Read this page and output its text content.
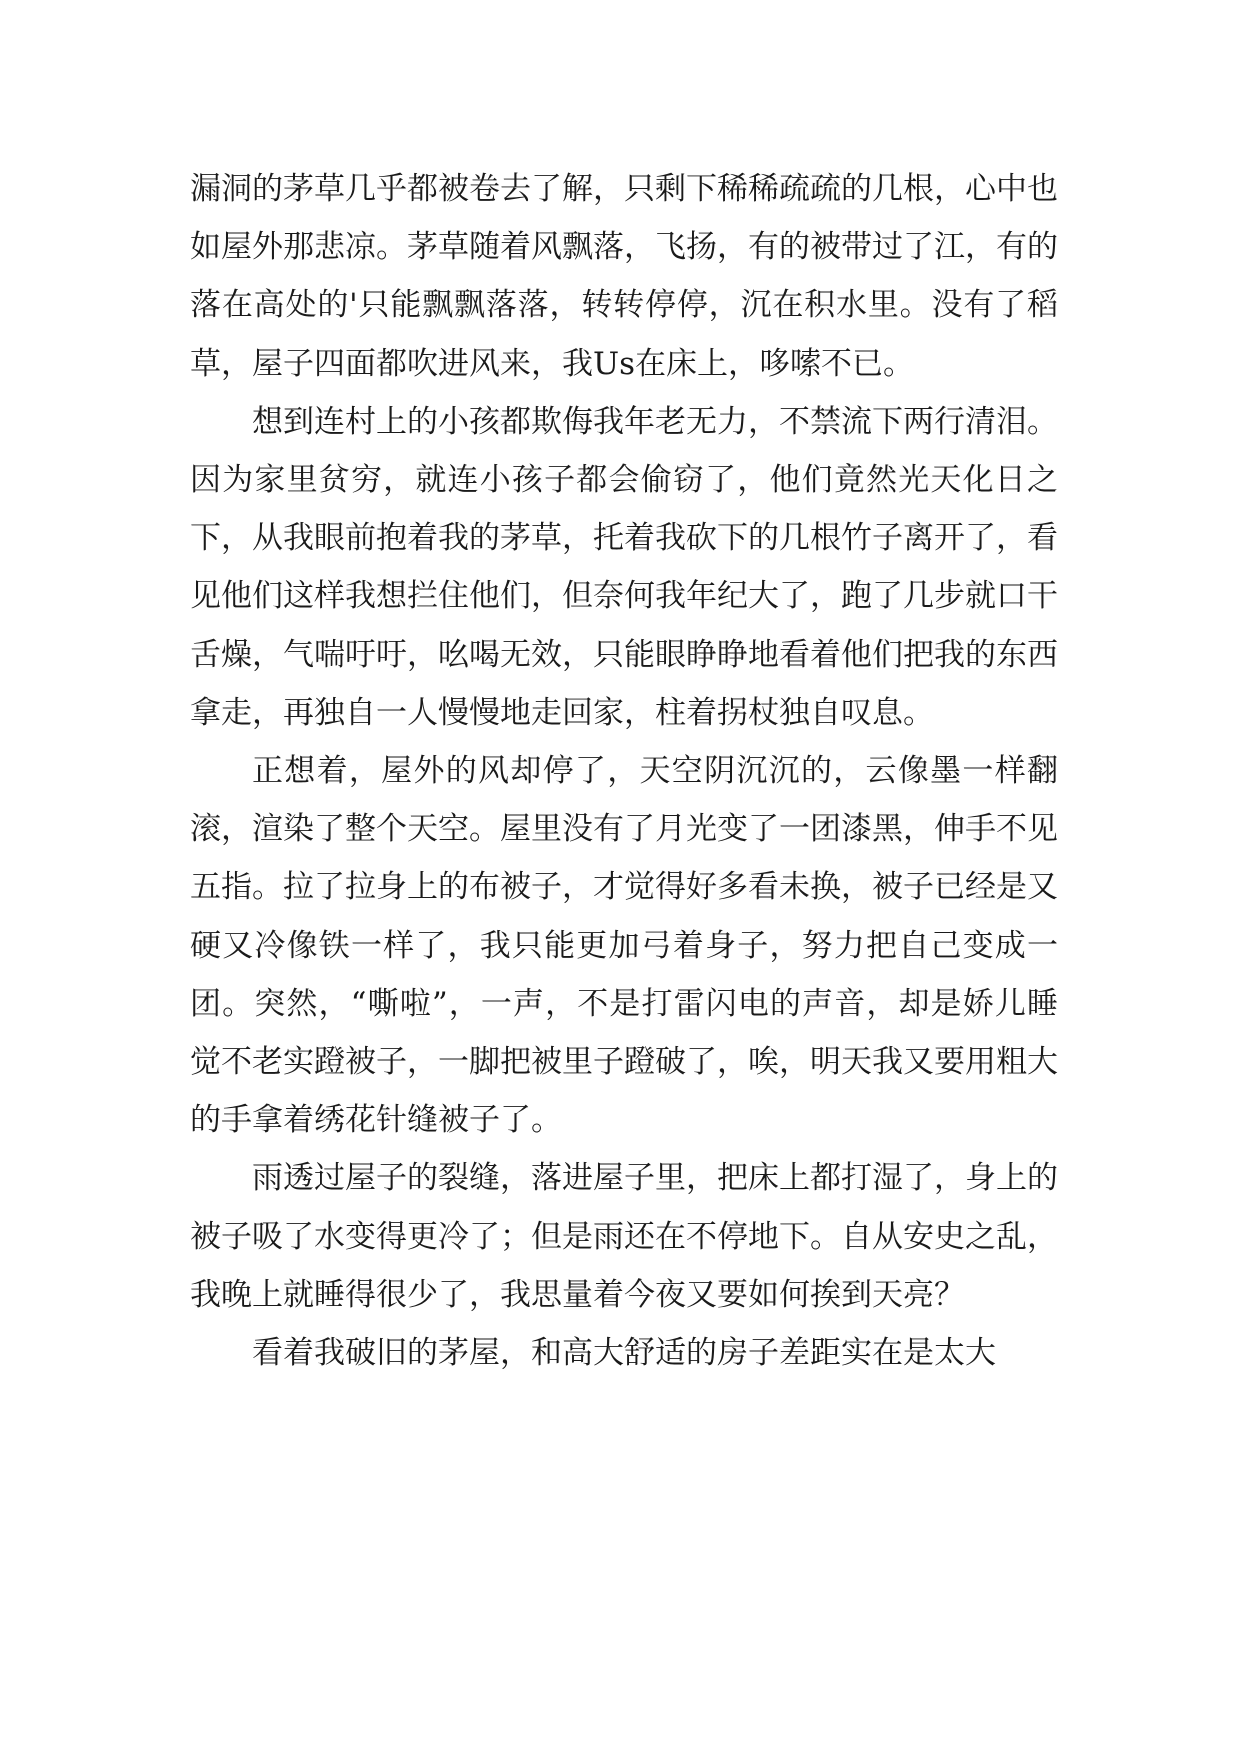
漏洞的茅草几乎都被卷去了解，只剩下稀稀疏疏的几根，心中也如屋外那悲凉。茅草随着风飘落，飞扬，有的被带过了江，有的落在高处的'只能飘飘落落，转转停停，沉在积水里。没有了稻草，屋子四面都吹进风来，我Us在床上，哆嗦不已。

想到连村上的小孩都欺侮我年老无力，不禁流下两行清泪。因为家里贫穷，就连小孩子都会偷窃了，他们竟然光天化日之下，从我眼前抱着我的茅草，托着我砍下的几根竹子离开了，看见他们这样我想拦住他们，但奈何我年纪大了，跑了几步就口干舌燥，气喘吁吁，吆喝无效，只能眼睁睁地看着他们把我的东西拿走，再独自一人慢慢地走回家，柱着拐杖独自叹息。

正想着，屋外的风却停了，天空阴沉沉的，云像墨一样翻滚，渲染了整个天空。屋里没有了月光变了一团漆黑，伸手不见五指。拉了拉身上的布被子，才觉得好多看未换，被子已经是又硬又冷像铁一样了，我只能更加弓着身子，努力把自己变成一团。突然，“嘶啦”，一声，不是打雷闪电的声音，却是娇儿睡觉不老实蹬被子，一脚把被里子蹬破了，唉，明天我又要用粗大的手拿着绣花针缝被子了。

雨透过屋子的裂缝，落进屋子里，把床上都打湿了，身上的被子吸了水变得更冷了；但是雨还在不停地下。自从安史之乱，我晚上就睡得很少了，我思量着今夜又要如何挨到天亮？

看着我破旧的茅屋，和高大舒适的房子差距实在是太大
